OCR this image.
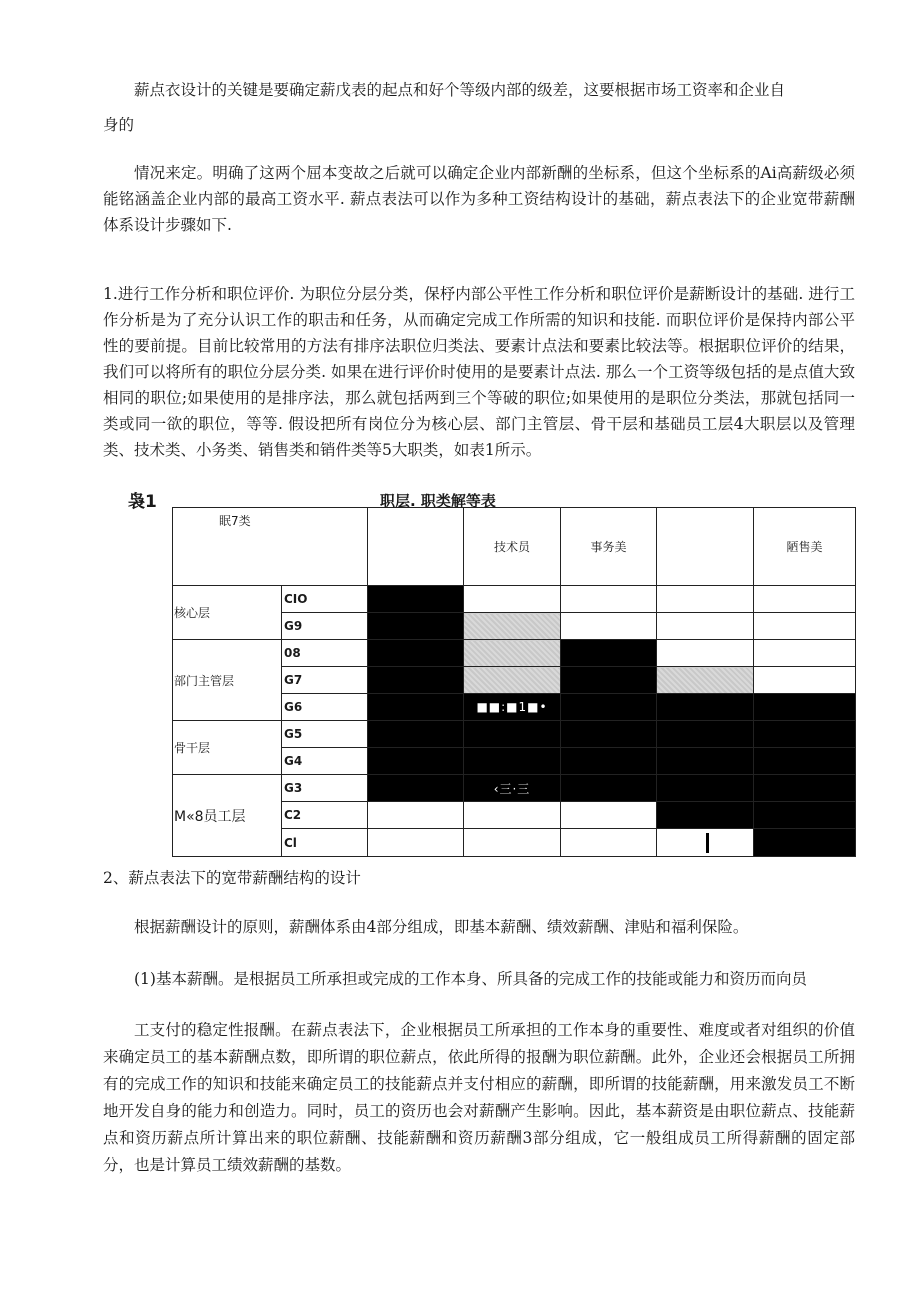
薪点衣设计的关键是要确定薪戊表的起点和好个等级内部的级差，这要根据市场工资率和企业自

身的

情况来定。明确了这两个屈本变故之后就可以确定企业内部新酬的坐标系，但这个坐标系的Ai高薪级必须能铭涵盖企业内部的最高工资水平. 薪点表法可以作为多种工资结构设计的基础，薪点表法下的企业宽带薪酬体系设计步骤如下.

1.进行工作分析和职位评价. 为职位分层分类，保杼内部公平性工作分析和职位评价是薪断设计的基础. 进行工作分析是为了充分认识工作的职击和任务，从而确定完成工作所需的知识和技能. 而职位评价是保持内部公平性的要前提。目前比较常用的方法有排序法职位归类法、要素计点法和要素比较法等。根据职位评价的结果，我们可以将所有的职位分层分类. 如果在进行评价时使用的是要素计点法. 那么一个工资等级包括的是点值大致相同的职位;如果使用的是排序法，那么就包括两到三个等破的职位;如果使用的是职位分类法，那就包括同一类或同一欲的职位，等等. 假设把所有岗位分为核心层、部门主管层、骨干层和基础员工层4大职层以及管理类、技术类、小务类、销售类和销件类等5大职类，如表1所示。

袅1	职层. 职类解等表
眠7类			技术员	事务美		陋售美
核心层	CIO					
	G9					
部门主管层	08					
	G7					
	G6		■■:■1■•			
骨干层	G5					
	G4					
M«8员工层	G3		‹三·三			
	C2					
	Cl					

2、薪点表法下的宽带薪酬结构的设计

根据薪酬设计的原则，薪酬体系由4部分组成，即基本薪酬、绩效薪酬、津贴和福利保险。

(1)基本薪酬。是根据员工所承担或完成的工作本身、所具备的完成工作的技能或能力和资历而向员

工支付的稳定性报酬。在薪点表法下，企业根据员工所承担的工作本身的重要性、难度或者对组织的价值来确定员工的基本薪酬点数，即所谓的职位薪点，依此所得的报酬为职位薪酬。此外，企业还会根据员工所拥有的完成工作的知识和技能来确定员工的技能薪点并支付相应的薪酬，即所谓的技能薪酬，用来激发员工不断地开发自身的能力和创造力。同时，员工的资历也会对薪酬产生影响。因此，基本薪资是由职位薪点、技能薪点和资历薪点所计算出来的职位薪酬、技能薪酬和资历薪酬3部分组成，它一般组成员工所得薪酬的固定部分，也是计算员工绩效薪酬的基数。
